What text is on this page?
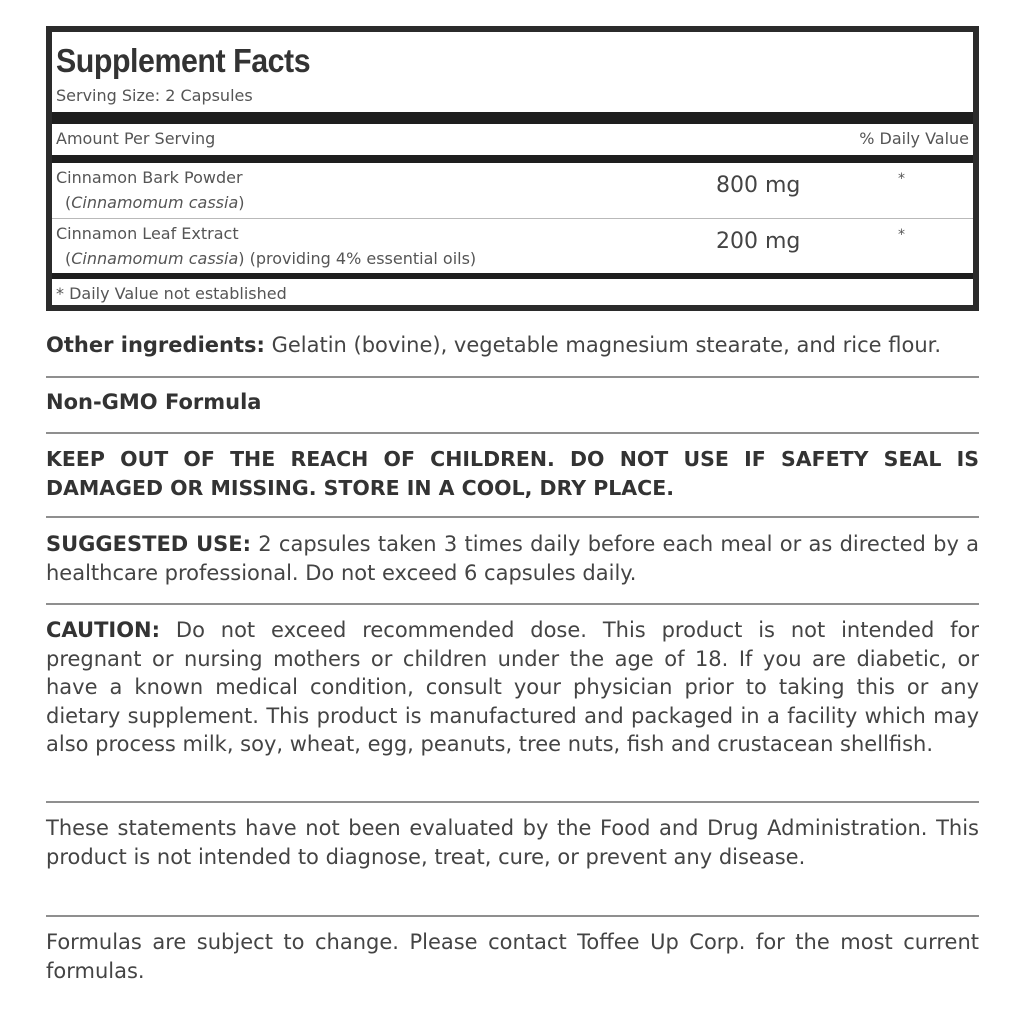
Supplement Facts
Serving Size: 2 Capsules
Amount Per Serving	% Daily Value
Cinnamon Bark Powder
(Cinnamomum cassia)
800 mg	*
Cinnamon Leaf Extract
(Cinnamomum cassia) (providing 4% essential oils)
200 mg	*
* Daily Value not established
Other ingredients: Gelatin (bovine), vegetable magnesium stearate, and rice flour.
Non-GMO Formula
KEEP OUT OF THE REACH OF CHILDREN. DO NOT USE IF SAFETY SEAL IS DAMAGED OR MISSING. STORE IN A COOL, DRY PLACE.
SUGGESTED USE: 2 capsules taken 3 times daily before each meal or as directed by a healthcare professional. Do not exceed 6 capsules daily.
CAUTION: Do not exceed recommended dose. This product is not intended for pregnant or nursing mothers or children under the age of 18. If you are diabetic, or have a known medical condition, consult your physician prior to taking this or any dietary supplement. This product is manufactured and packaged in a facility which may also process milk, soy, wheat, egg, peanuts, tree nuts, fish and crustacean shellfish.
These statements have not been evaluated by the Food and Drug Administration. This product is not intended to diagnose, treat, cure, or prevent any disease.
Formulas are subject to change. Please contact Toffee Up Corp. for the most current formulas.
